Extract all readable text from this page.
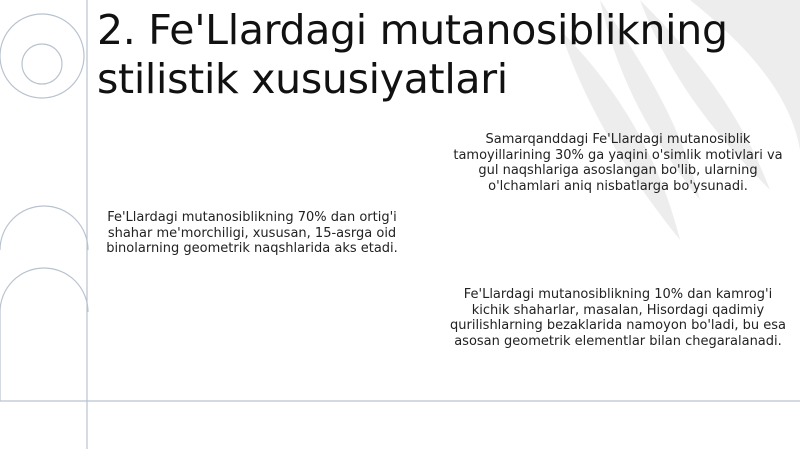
2. Fe'Llardagi mutanosiblikning stilistik xususiyatlari

Fe'Llardagi mutanosiblikning 70% dan ortig'i shahar me'morchiligi, xususan, 15-asrga oid binolarning geometrik naqshlarida aks etadi.

Samarqanddagi Fe'Llardagi mutanosiblik tamoyillarining 30% ga yaqini o'simlik motivlari va gul naqshlariga asoslangan bo'lib, ularning o'lchamlari aniq nisbatlarga bo'ysunadi.

Fe'Llardagi mutanosiblikning 10% dan kamrog'i kichik shaharlar, masalan, Hisordagi qadimiy qurilishlarning bezaklarida namoyon bo'ladi, bu esa asosan geometrik elementlar bilan chegaralanadi.
